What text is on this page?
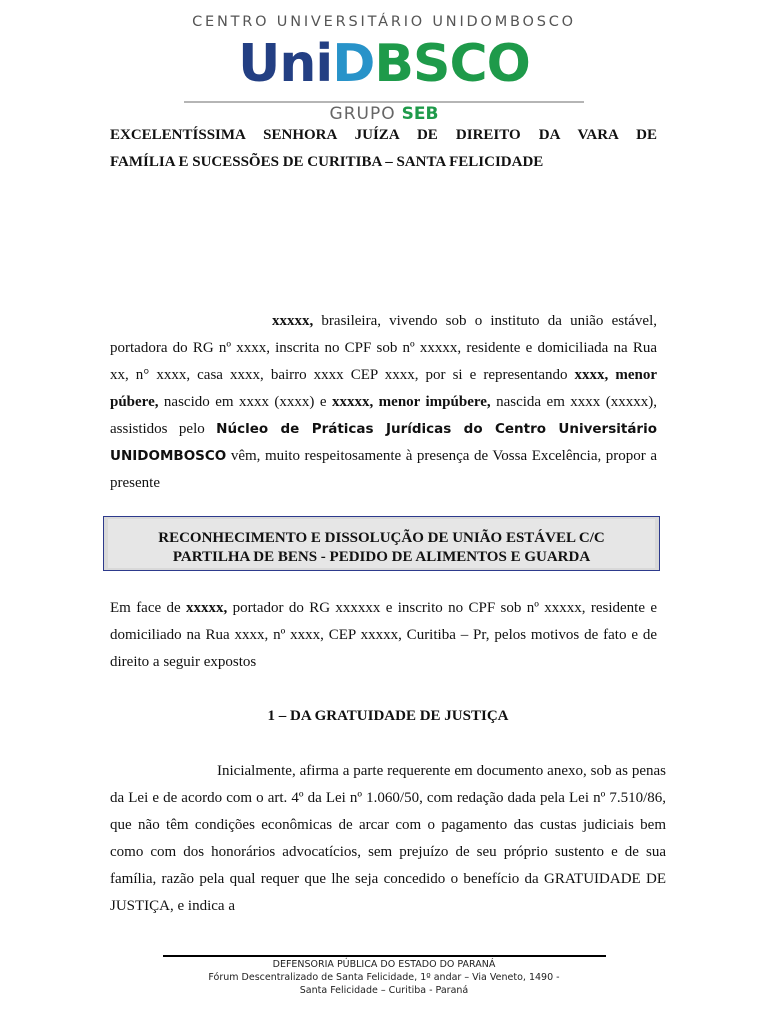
CENTRO UNIVERSITÁRIO UNIDOMBOSCO
UniDBSCO
GRUPO SEB
EXCELENTÍSSIMA SENHORA JUÍZA DE DIREITO DA VARA DE
FAMÍLIA E SUCESSÕES DE CURITIBA – SANTA FELICIDADE
xxxxx, brasileira, vivendo sob o instituto da união estável, portadora do RG nº xxxx, inscrita no CPF sob nº xxxxx, residente e domiciliada na Rua xx, n° xxxx, casa xxxx, bairro xxxx CEP xxxx, por si e representando xxxx, menor púbere, nascido em xxxx (xxxx) e xxxxx, menor impúbere, nascida em xxxx (xxxxx), assistidos pelo Núcleo de Práticas Jurídicas do Centro Universitário UNIDOMBOSCO vêm, muito respeitosamente à presença de Vossa Excelência, propor a presente
RECONHECIMENTO E DISSOLUÇÃO DE UNIÃO ESTÁVEL C/C
PARTILHA DE BENS - PEDIDO DE ALIMENTOS E GUARDA
Em face de xxxxx, portador do RG xxxxxx e inscrito no CPF sob nº xxxxx, residente e domiciliado na Rua xxxx, nº xxxx, CEP xxxxx, Curitiba – Pr, pelos motivos de fato e de direito a seguir expostos
1 – DA GRATUIDADE DE JUSTIÇA
Inicialmente, afirma a parte requerente em documento anexo, sob as penas da Lei e de acordo com o art. 4º da Lei nº 1.060/50, com redação dada pela Lei nº 7.510/86, que não têm condições econômicas de arcar com o pagamento das custas judiciais bem como com dos honorários advocatícios, sem prejuízo de seu próprio sustento e de sua família, razão pela qual requer que lhe seja concedido o benefício da GRATUIDADE DE JUSTIÇA, e indica a
DEFENSORIA PÚBLICA DO ESTADO DO PARANÁ
Fórum Descentralizado de Santa Felicidade, 1º andar – Via Veneto, 1490 -
Santa Felicidade – Curitiba - Paraná
